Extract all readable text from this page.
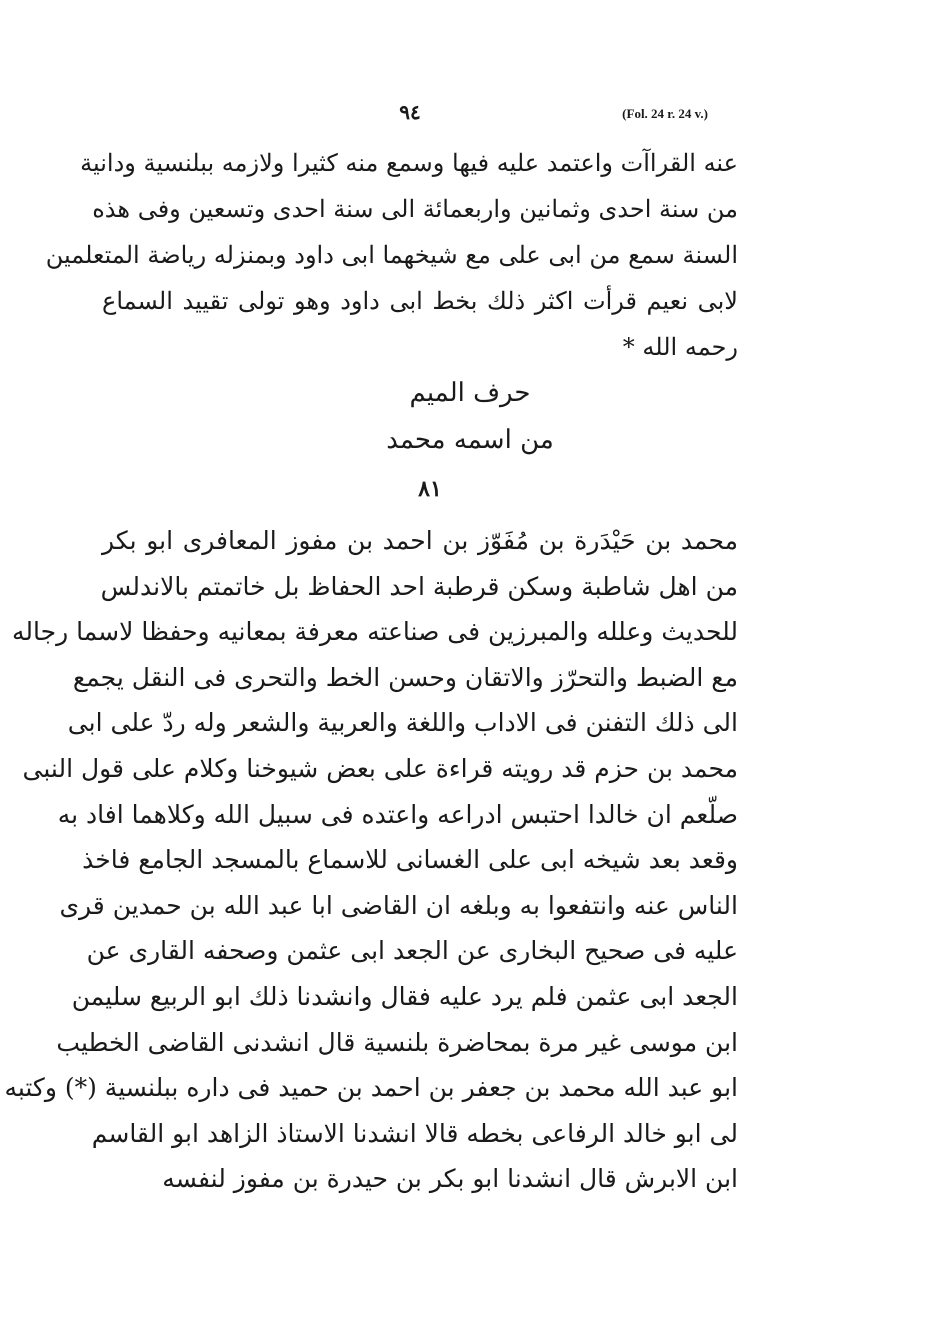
٩٤	(Fol. 24 r. 24 v.)
عنه القراآت واعتمد عليه فيها وسمع منه كثيرا ولازمه ببلنسية ودانية
من سنة احدى وثمانين واربعمائة الى سنة احدى وتسعين وفى هذه
السنة سمع من ابى على مع شيخهما ابى داود وبمنزله رياضة المتعلمين
لابى نعيم قرأت اكثر ذلك بخط ابى داود وهو تولى تقييد السماع
رحمه الله *
حرف الميم
من اسمه محمد
٨١
محمد بن حَيْدَرة بن مُفَوّز بن احمد بن مفوز المعافرى ابو بكر
من اهل شاطبة وسكن قرطبة احد الحفاظ بل خاتمتم بالاندلس
للحديث وعلله والمبرزين فى صناعته معرفة بمعانيه وحفظا لاسما رجاله
مع الضبط والتحرّز والاتقان وحسن الخط والتحرى فى النقل يجمع
الى ذلك التفنن فى الاداب واللغة والعربية والشعر وله ردّ على ابى
محمد بن حزم قد رويته قراءة على بعض شيوخنا وكلام على قول النبى
صلّعم ان خالدا احتبس ادراعه واعتده فى سبيل الله وكلاهما افاد به
وقعد بعد شيخه ابى على الغسانى للاسماع بالمسجد الجامع فاخذ
الناس عنه وانتفعوا به وبلغه ان القاضى ابا عبد الله بن حمدين قرى
عليه فى صحيح البخارى عن الجعد ابى عثمن وصحفه القارى عن
الجعد ابى عثمن فلم يرد عليه فقال وانشدنا ذلك ابو الربيع سليمن
ابن موسى غير مرة بمحاضرة بلنسية قال انشدنى القاضى الخطيب
ابو عبد الله محمد بن جعفر بن احمد بن حميد فى داره ببلنسية (*) وكتبه
لى ابو خالد الرفاعى بخطه قالا انشدنا الاستاذ الزاهد ابو القاسم
ابن الابرش قال انشدنا ابو بكر بن حيدرة بن مفوز لنفسه
